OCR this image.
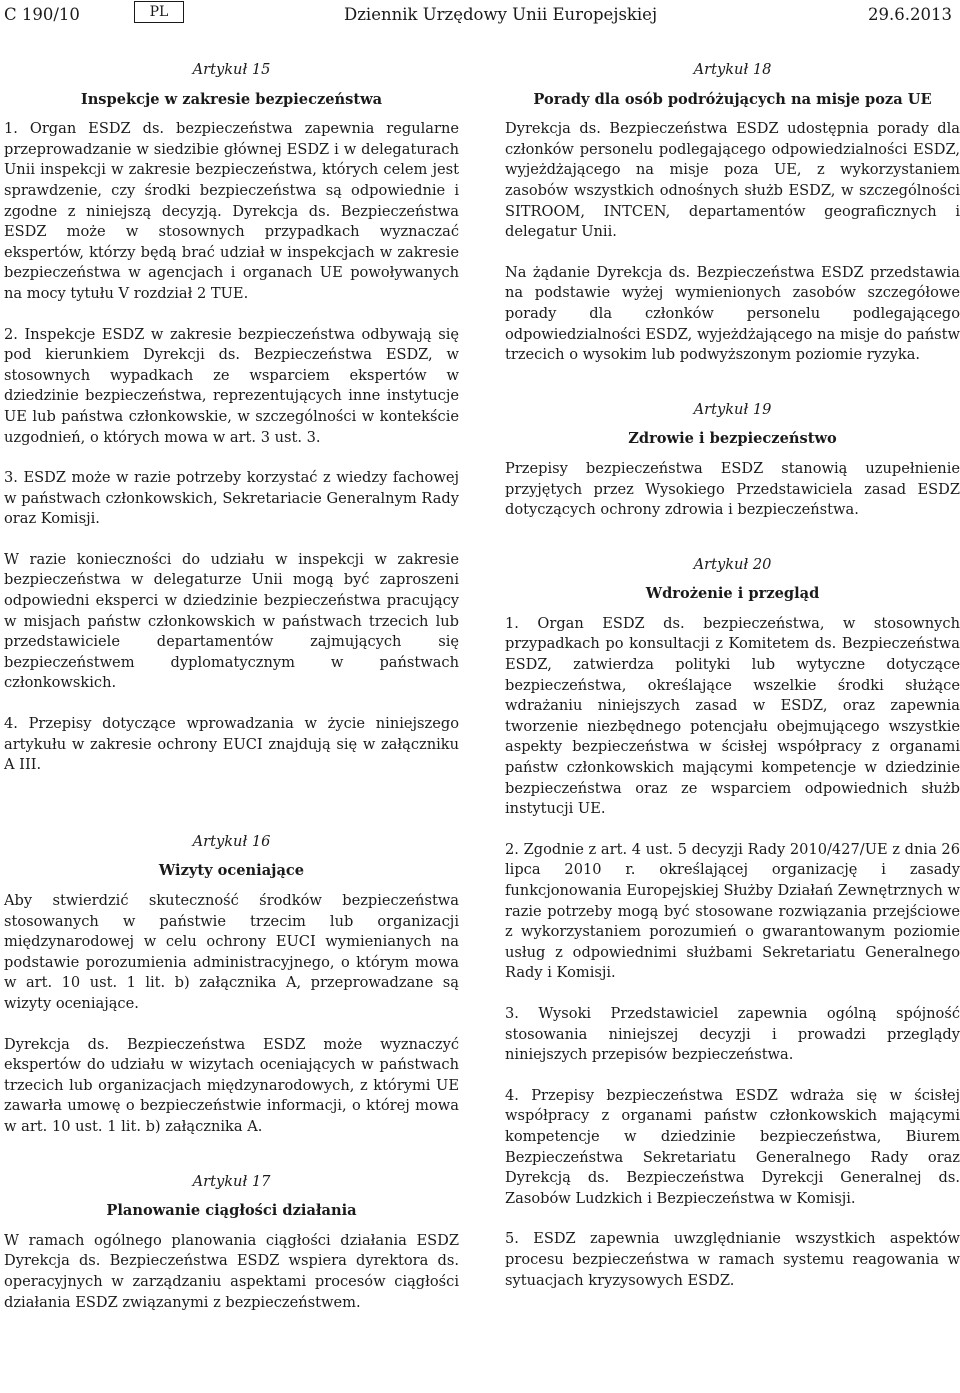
C 190/10	PL	Dziennik Urzędowy Unii Europejskiej	29.6.2013
Artykuł 15
Inspekcje w zakresie bezpieczeństwa

1. Organ ESDZ ds. bezpieczeństwa zapewnia regularne przeprowadzanie w siedzibie głównej ESDZ i w delegaturach Unii inspekcji w zakresie bezpieczeństwa, których celem jest sprawdzenie, czy środki bezpieczeństwa są odpowiednie i zgodne z niniejszą decyzją. Dyrekcja ds. Bezpieczeństwa ESDZ może w stosownych przypadkach wyznaczać ekspertów, którzy będą brać udział w inspekcjach w zakresie bezpieczeństwa w agencjach i organach UE powoływanych na mocy tytułu V rozdział 2 TUE.

2. Inspekcje ESDZ w zakresie bezpieczeństwa odbywają się pod kierunkiem Dyrekcji ds. Bezpieczeństwa ESDZ, w stosownych wypadkach ze wsparciem ekspertów w dziedzinie bezpieczeństwa, reprezentujących inne instytucje UE lub państwa członkowskie, w szczególności w kontekście uzgodnień, o których mowa w art. 3 ust. 3.

3. ESDZ może w razie potrzeby korzystać z wiedzy fachowej w państwach członkowskich, Sekretariacie Generalnym Rady oraz Komisji.

W razie konieczności do udziału w inspekcji w zakresie bezpieczeństwa w delegaturze Unii mogą być zaproszeni odpowiedni eksperci w dziedzinie bezpieczeństwa pracujący w misjach państw członkowskich w państwach trzecich lub przedstawiciele departamentów zajmujących się bezpieczeństwem dyplomatycznym w państwach członkowskich.

4. Przepisy dotyczące wprowadzania w życie niniejszego artykułu w zakresie ochrony EUCI znajdują się w załączniku A III.

Artykuł 16
Wizyty oceniające

Aby stwierdzić skuteczność środków bezpieczeństwa stosowanych w państwie trzecim lub organizacji międzynarodowej w celu ochrony EUCI wymienianych na podstawie porozumienia administracyjnego, o którym mowa w art. 10 ust. 1 lit. b) załącznika A, przeprowadzane są wizyty oceniające.

Dyrekcja ds. Bezpieczeństwa ESDZ może wyznaczyć ekspertów do udziału w wizytach oceniających w państwach trzecich lub organizacjach międzynarodowych, z którymi UE zawarła umowę o bezpieczeństwie informacji, o której mowa w art. 10 ust. 1 lit. b) załącznika A.

Artykuł 17
Planowanie ciągłości działania

W ramach ogólnego planowania ciągłości działania ESDZ Dyrekcja ds. Bezpieczeństwa ESDZ wspiera dyrektora ds. operacyjnych w zarządzaniu aspektami procesów ciągłości działania ESDZ związanymi z bezpieczeństwem.

Artykuł 18
Porady dla osób podróżujących na misje poza UE

Dyrekcja ds. Bezpieczeństwa ESDZ udostępnia porady dla członków personelu podlegającego odpowiedzialności ESDZ, wyjeżdżającego na misje poza UE, z wykorzystaniem zasobów wszystkich odnośnych służb ESDZ, w szczególności SITROOM, INTCEN, departamentów geograficznych i delegatur Unii.

Na żądanie Dyrekcja ds. Bezpieczeństwa ESDZ przedstawia na podstawie wyżej wymienionych zasobów szczegółowe porady dla członków personelu podlegającego odpowiedzialności ESDZ, wyjeżdżającego na misje do państw trzecich o wysokim lub podwyższonym poziomie ryzyka.

Artykuł 19
Zdrowie i bezpieczeństwo

Przepisy bezpieczeństwa ESDZ stanowią uzupełnienie przyjętych przez Wysokiego Przedstawiciela zasad ESDZ dotyczących ochrony zdrowia i bezpieczeństwa.

Artykuł 20
Wdrożenie i przegląd

1. Organ ESDZ ds. bezpieczeństwa, w stosownych przypadkach po konsultacji z Komitetem ds. Bezpieczeństwa ESDZ, zatwierdza polityki lub wytyczne dotyczące bezpieczeństwa, określające wszelkie środki służące wdrażaniu niniejszych zasad w ESDZ, oraz zapewnia tworzenie niezbędnego potencjału obejmującego wszystkie aspekty bezpieczeństwa w ścisłej współpracy z organami państw członkowskich mającymi kompetencje w dziedzinie bezpieczeństwa oraz ze wsparciem odpowiednich służb instytucji UE.

2. Zgodnie z art. 4 ust. 5 decyzji Rady 2010/427/UE z dnia 26 lipca 2010 r. określającej organizację i zasady funkcjonowania Europejskiej Służby Działań Zewnętrznych w razie potrzeby mogą być stosowane rozwiązania przejściowe z wykorzystaniem porozumień o gwarantowanym poziomie usług z odpowiednimi służbami Sekretariatu Generalnego Rady i Komisji.

3. Wysoki Przedstawiciel zapewnia ogólną spójność stosowania niniejszej decyzji i prowadzi przeglądy niniejszych przepisów bezpieczeństwa.

4. Przepisy bezpieczeństwa ESDZ wdraża się w ścisłej współpracy z organami państw członkowskich mającymi kompetencje w dziedzinie bezpieczeństwa, Biurem Bezpieczeństwa Sekretariatu Generalnego Rady oraz Dyrekcją ds. Bezpieczeństwa Dyrekcji Generalnej ds. Zasobów Ludzkich i Bezpieczeństwa w Komisji.

5. ESDZ zapewnia uwzględnianie wszystkich aspektów procesu bezpieczeństwa w ramach systemu reagowania w sytuacjach kryzysowych ESDZ.
